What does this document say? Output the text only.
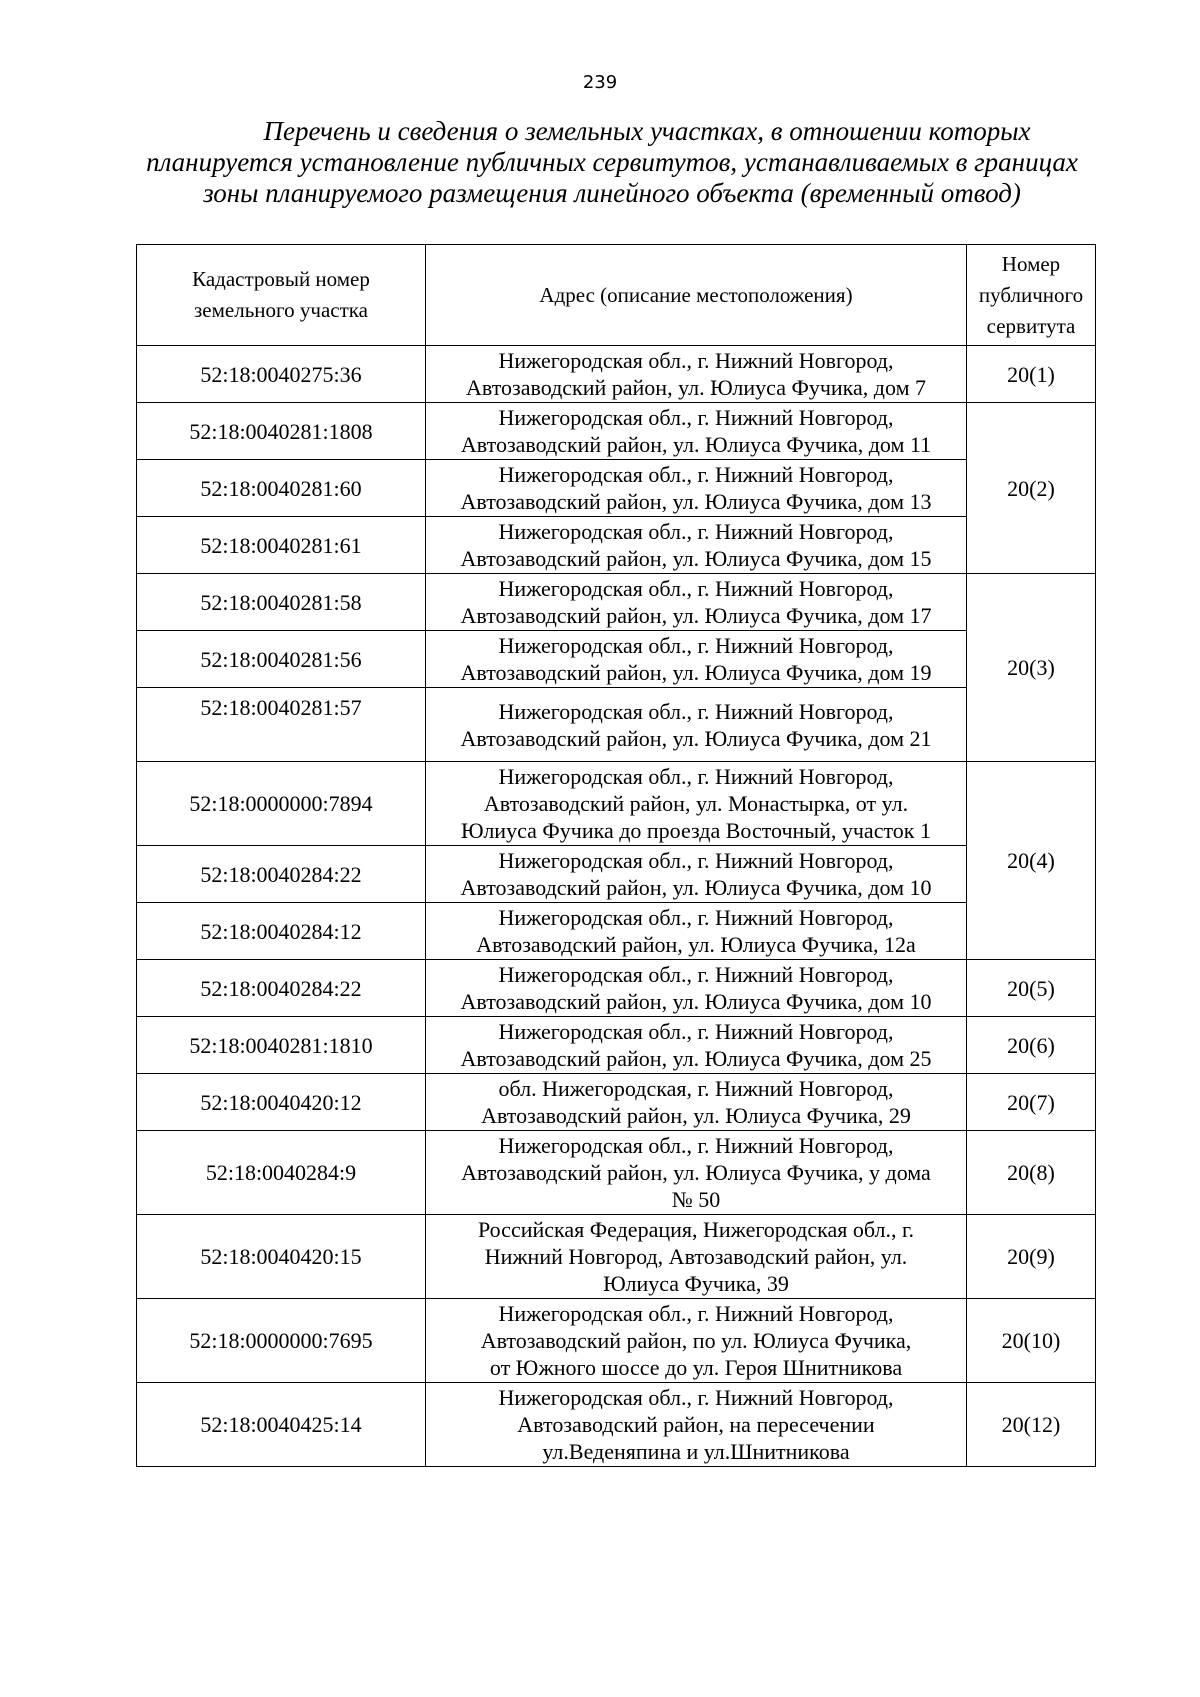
239
Перечень и сведения о земельных участках, в отношении которых
планируется установление публичных сервитутов, устанавливаемых в границах
зоны планируемого размещения линейного объекта (временный отвод)
Кадастровый номер земельного участка	Адрес (описание местоположения)	Номер публичного сервитута
52:18:0040275:36	Нижегородская обл., г. Нижний Новгород,
Автозаводский район, ул. Юлиуса Фучика, дом 7	20(1)
52:18:0040281:1808	Нижегородская обл., г. Нижний Новгород,
Автозаводский район, ул. Юлиуса Фучика, дом 11	20(2)
52:18:0040281:60	Нижегородская обл., г. Нижний Новгород,
Автозаводский район, ул. Юлиуса Фучика, дом 13	

52:18:0040281:61	Нижегородская обл., г. Нижний Новгород,
Автозаводский район, ул. Юлиуса Фучика, дом 15	

52:18:0040281:58	Нижегородская обл., г. Нижний Новгород,
Автозаводский район, ул. Юлиуса Фучика, дом 17	20(3)
52:18:0040281:56	Нижегородская обл., г. Нижний Новгород,
Автозаводский район, ул. Юлиуса Фучика, дом 19	

52:18:0040281:57	Нижегородская обл., г. Нижний Новгород,
Автозаводский район, ул. Юлиуса Фучика, дом 21	

52:18:0000000:7894	Нижегородская обл., г. Нижний Новгород,
Автозаводский район, ул. Монастырка, от ул.
Юлиуса Фучика до проезда Восточный, участок 1	20(4)
52:18:0040284:22	Нижегородская обл., г. Нижний Новгород,
Автозаводский район, ул. Юлиуса Фучика, дом 10	

52:18:0040284:12	Нижегородская обл., г. Нижний Новгород,
Автозаводский район, ул. Юлиуса Фучика, 12а	

52:18:0040284:22	Нижегородская обл., г. Нижний Новгород,
Автозаводский район, ул. Юлиуса Фучика, дом 10	20(5)
52:18:0040281:1810	Нижегородская обл., г. Нижний Новгород,
Автозаводский район, ул. Юлиуса Фучика, дом 25	20(6)
52:18:0040420:12	обл. Нижегородская, г. Нижний Новгород,
Автозаводский район, ул. Юлиуса Фучика, 29	20(7)
52:18:0040284:9	Нижегородская обл., г. Нижний Новгород,
Автозаводский район, ул. Юлиуса Фучика, у дома
№ 50	20(8)
52:18:0040420:15	Российская Федерация, Нижегородская обл., г.
Нижний Новгород, Автозаводский район, ул.
Юлиуса Фучика, 39	20(9)
52:18:0000000:7695	Нижегородская обл., г. Нижний Новгород,
Автозаводский район, по ул. Юлиуса Фучика,
от Южного шоссе до ул. Героя Шнитникова	20(10)
52:18:0040425:14	Нижегородская обл., г. Нижний Новгород,
Автозаводский район, на пересечении
ул.Веденяпина и ул.Шнитникова	20(12)
